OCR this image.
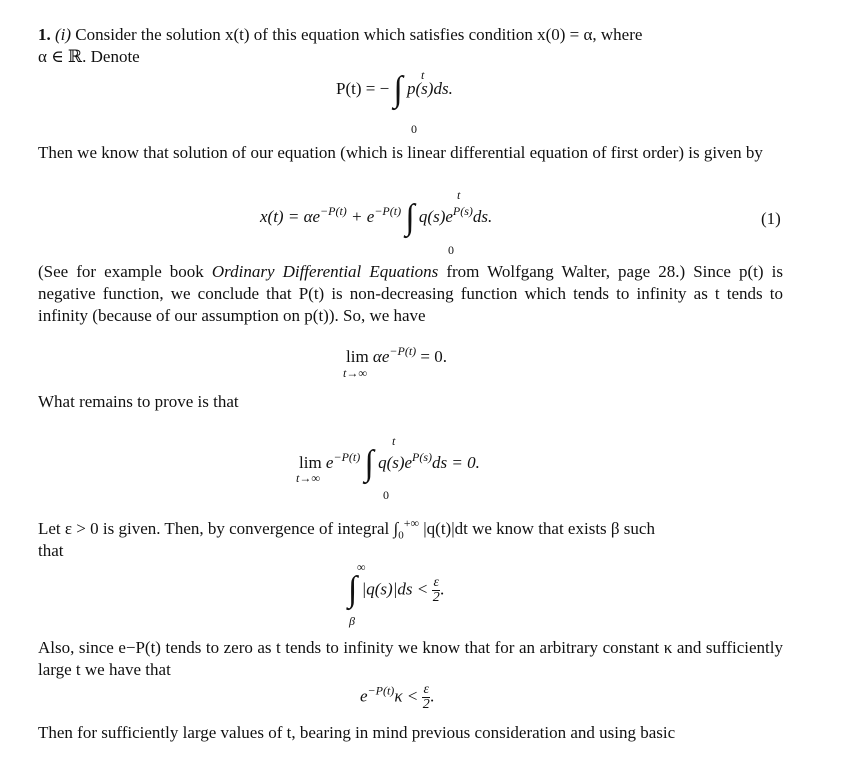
1. (i) Consider the solution x(t) of this equation which satisfies condition x(0) = α, where
α ∈ ℝ. Denote
P(t) = − ∫ p(s)ds.
t
0
Then we know that solution of our equation (which is linear differential equation of first order) is given by
$x(t) = \alpha e^{-P(t)} + e^{-P(t)}$ ∫ $q(s)e^{P(s)}ds$.
t
0
(1)
(See for example book Ordinary Differential Equations from Wolfgang Walter, page 28.) Since p(t) is negative function, we conclude that P(t) is non-decreasing function which tends to infinity as t tends to infinity (because of our assumption on p(t)). So, we have
$\lim \alpha e^{-P(t)} = 0$.
t→∞
What remains to prove is that
$\lim e^{-P(t)}$ ∫ $q(s)e^{P(s)}ds = 0$.
t→∞
t
0
Let ε > 0 is given. Then, by convergence of integral $\int_0^{+\infty}$ |q(t)|dt we know that exists β such
that
∫ $|q(s)|ds < \frac{\varepsilon}{2}$ .
∞
β
Also, since e−P(t) tends to zero as t tends to infinity we know that for an arbitrary constant κ and sufficiently large t we have that
$e^{-P(t)}\kappa < \frac{\varepsilon}{2}$ .
Then for sufficiently large values of t, bearing in mind previous consideration and using basic
